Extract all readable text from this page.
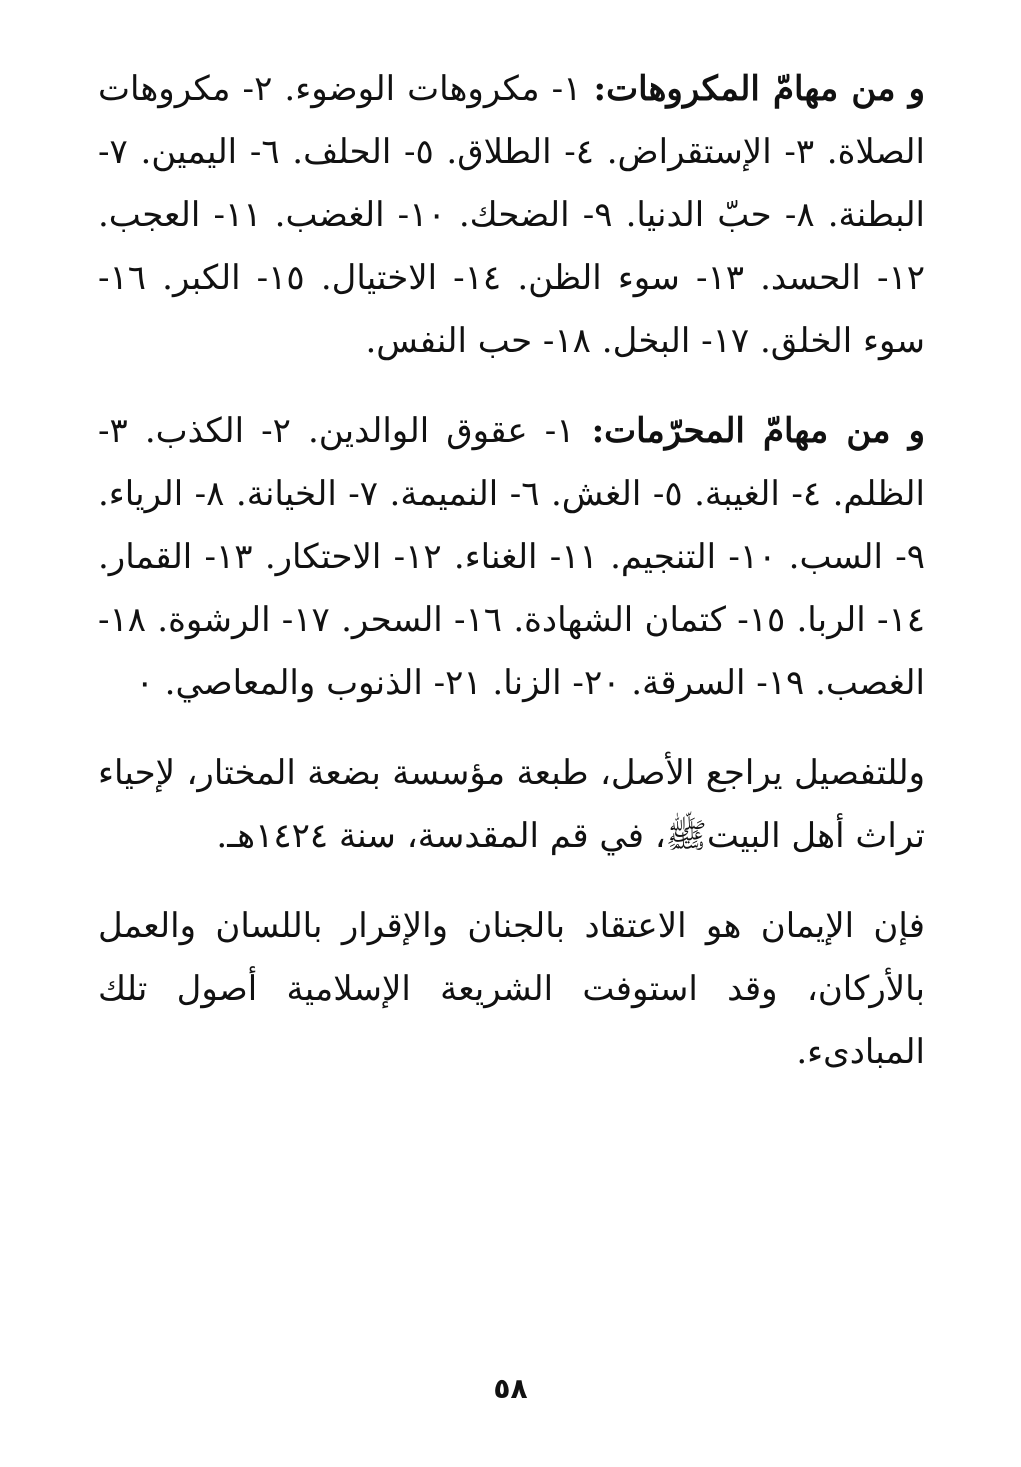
و من مهامّ المكروهات: ١- مكروهات الوضوء. ٢- مكروهات الصلاة. ٣- الإستقراض. ٤- الطلاق. ٥- الحلف. ٦- اليمين. ٧- البطنة. ٨- حبّ الدنيا. ٩- الضحك. ١٠- الغضب. ١١- العجب. ١٢- الحسد. ١٣- سوء الظن. ١٤- الاختيال. ١٥- الكبر. ١٦- سوء الخلق. ١٧- البخل. ١٨- حب النفس.

و من مهامّ المحرّمات: ١- عقوق الوالدين. ٢- الكذب. ٣- الظلم. ٤- الغيبة. ٥- الغش. ٦- النميمة. ٧- الخيانة. ٨- الرياء. ٩- السب. ١٠- التنجيم. ١١- الغناء. ١٢- الاحتكار. ١٣- القمار. ١٤- الربا. ١٥- كتمان الشهادة. ١٦- السحر. ١٧- الرشوة. ١٨- الغصب. ١٩- السرقة. ٢٠- الزنا. ٢١- الذنوب والمعاصي. ٠

وللتفصيل يراجع الأصل، طبعة مؤسسة بضعة المختار، لإحياء تراث أهل البيتﷺ، في قم المقدسة، سنة ١٤٢٤هـ.

فإن الإيمان هو الاعتقاد بالجنان والإقرار باللسان والعمل بالأركان، وقد استوفت الشريعة الإسلامية أصول تلك المبادىء.

٥٨
